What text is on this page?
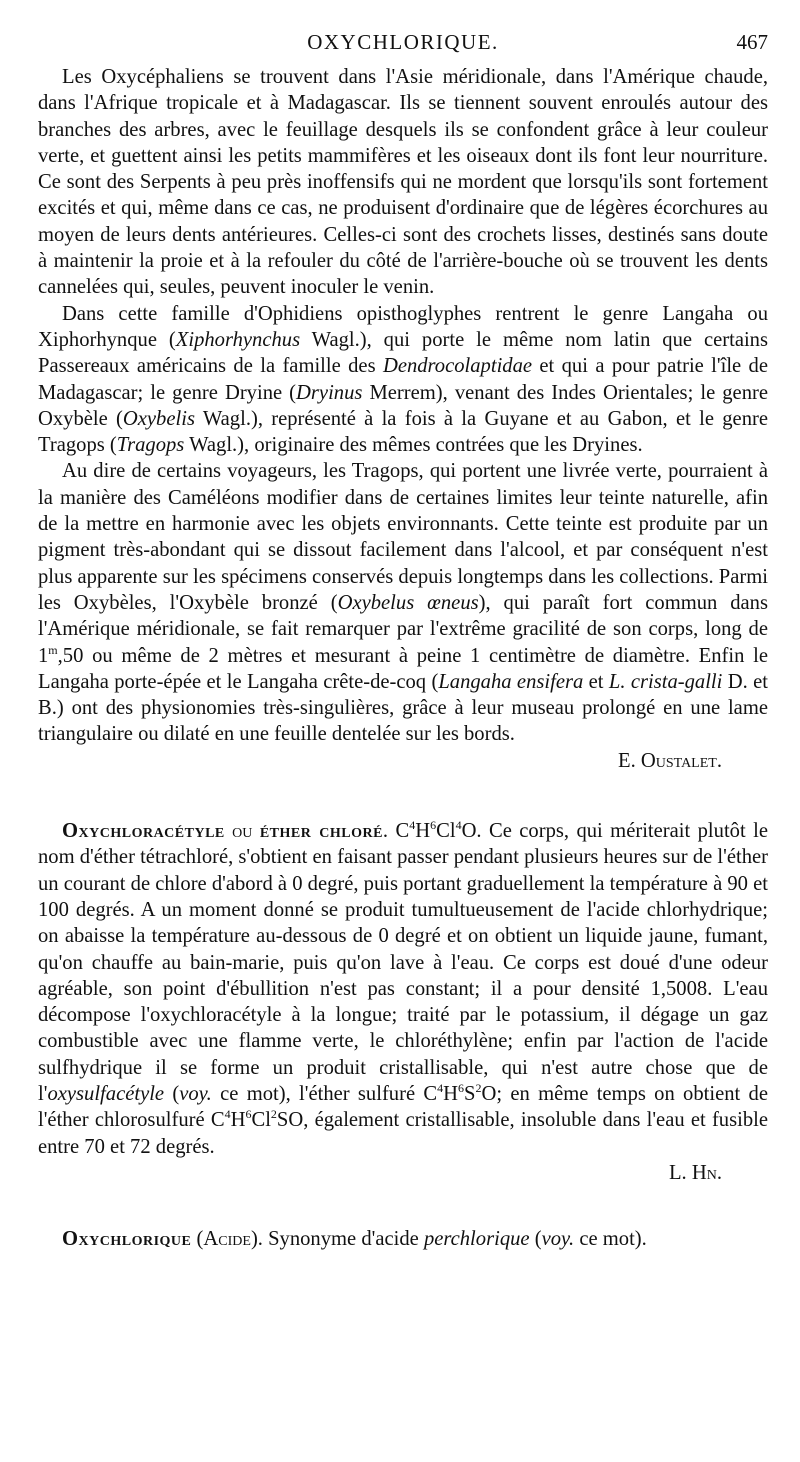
OXYCHLORIQUE.	467

Les Oxycéphaliens se trouvent dans l'Asie méridionale, dans l'Amérique chaude, dans l'Afrique tropicale et à Madagascar. Ils se tiennent souvent enroulés autour des branches des arbres, avec le feuillage desquels ils se confondent grâce à leur couleur verte, et guettent ainsi les petits mammifères et les oiseaux dont ils font leur nourriture. Ce sont des Serpents à peu près inoffensifs qui ne mordent que lorsqu'ils sont fortement excités et qui, même dans ce cas, ne produisent d'ordinaire que de légères écorchures au moyen de leurs dents antérieures. Celles-ci sont des crochets lisses, destinés sans doute à maintenir la proie et à la refouler du côté de l'arrière-bouche où se trouvent les dents cannelées qui, seules, peuvent inoculer le venin.

Dans cette famille d'Ophidiens opisthoglyphes rentrent le genre Langaha ou Xiphorhynque (Xiphorhynchus Wagl.), qui porte le même nom latin que certains Passereaux américains de la famille des Dendrocolaptidae et qui a pour patrie l'île de Madagascar; le genre Dryine (Dryinus Merrem), venant des Indes Orientales; le genre Oxybèle (Oxybelis Wagl.), représenté à la fois à la Guyane et au Gabon, et le genre Tragops (Tragops Wagl.), originaire des mêmes contrées que les Dryines.

Au dire de certains voyageurs, les Tragops, qui portent une livrée verte, pourraient à la manière des Caméléons modifier dans de certaines limites leur teinte naturelle, afin de la mettre en harmonie avec les objets environnants. Cette teinte est produite par un pigment très-abondant qui se dissout facilement dans l'alcool, et par conséquent n'est plus apparente sur les spécimens conservés depuis longtemps dans les collections. Parmi les Oxybèles, l'Oxybèle bronzé (Oxybelus œneus), qui paraît fort commun dans l'Amérique méridionale, se fait remarquer par l'extrême gracilité de son corps, long de 1$^m$,50 ou même de 2 mètres et mesurant à peine 1 centimètre de diamètre. Enfin le Langaha porte-épée et le Langaha crête-de-coq (Langaha ensifera et L. crista-galli D. et B.) ont des physionomies très-singulières, grâce à leur museau prolongé en une lame triangulaire ou dilaté en une feuille dentelée sur les bords.

E. Oustalet.

Oxychloracétyle ou éther chloré. $C^4H^6Cl^4O$. Ce corps, qui mériterait plutôt le nom d'éther tétrachloré, s'obtient en faisant passer pendant plusieurs heures sur de l'éther un courant de chlore d'abord à 0 degré, puis portant graduellement la température à 90 et 100 degrés. A un moment donné se produit tumultueusement de l'acide chlorhydrique; on abaisse la température au-dessous de 0 degré et on obtient un liquide jaune, fumant, qu'on chauffe au bain-marie, puis qu'on lave à l'eau. Ce corps est doué d'une odeur agréable, son point d'ébullition n'est pas constant; il a pour densité 1,5008. L'eau décompose l'oxychloracétyle à la longue; traité par le potassium, il dégage un gaz combustible avec une flamme verte, le chloréthylène; enfin par l'action de l'acide sulfhydrique il se forme un produit cristallisable, qui n'est autre chose que de l'oxysulfacétyle (voy. ce mot), l'éther sulfuré $C^4H^6S^2O$; en même temps on obtient de l'éther chlorosulfuré $C^4H^6Cl^2SO$, également cristallisable, insoluble dans l'eau et fusible entre 70 et 72 degrés.

L. Hn.

Oxychlorique (Acide). Synonyme d'acide perchlorique (voy. ce mot).
